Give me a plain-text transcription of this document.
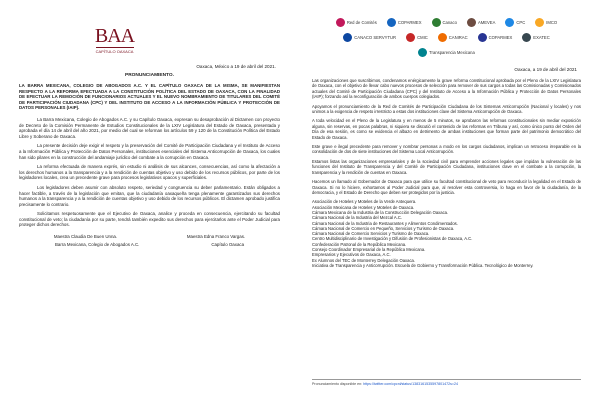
BAA
CAPÍTULO OAXACA
Oaxaca, México a 19 de abril del 2021.
PRONUNCIAMIENTO.

LA BARRA MEXICANA, COLEGIO DE ABOGADOS A.C. Y EL CAPÍTULO OAXACA DE LA MISMA, SE MANIFIESTAN RESPECTO A LA REFORMA EFECTUADA A LA CONSTITUCIÓN POLÍTICA DEL ESTADO DE OAXACA, CON LA FINALIDAD DE EFECTUAR LA REMOCIÓN DE FUNCIONARIOS ACTUALES Y EL NUEVO NOMBRAMIENTO DE TITULARES DEL COMITÉ DE PARTICIPACIÓN CIUDADANA (CPC) Y DEL INSTITUTO DE ACCESO A LA INFORMACIÓN PÚBLICA Y PROTECCIÓN DE DATOS PERSONALES (IAIP).

La Barra Mexicana, Colegio de Abogados A.C. y su Capítulo Oaxaca, expresan su desaprobación al Dictamen con proyecto de Decreto de la Comisión Permanente de Estudios Constitucionales de la LXIV Legislatura del Estado de Oaxaca, presentada y aprobada el día 14 de abril del año 2021, por medio del cual se reforman los artículos 59 y 120 de la Constitución Política del Estado Libre y Soberano de Oaxaca.

La presente decisión deje exigir el respeto y la preservación del Comité de Participación Ciudadana y el Instituto de Acceso a la Información Pública y Protección de Datos Personales, instituciones esenciales del Sistema Anticorrupción de Oaxaca, los cuales han sido pilares en la construcción del andamiaje jurídico del combate a la corrupción en Oaxaca.

La reforma efectuada de manera exprés, sin estudio ni análisis de sus alcances, consecuencias, así como la afectación a los derechos humanos a la transparencia y a la rendición de cuentas objetivo y uso debido de los recursos públicos, por parte de los legisladores locales, crea un precedente grave para procesos legislativos opacos y superficiales.

Los legisladores deben asumir con absoluto respeto, seriedad y congruencia su deber parlamentario. Están obligados a hacer factible, a través de la legislación que emitan, que la ciudadanía oaxaqueña tenga plenamente garantizados sus derechos humanos a la transparencia y a la rendición de cuentas objetivo y uso debido de los recursos públicos. El dictamen aprobado justifica precisamente lo contrario.

Solicitamos respetuosamente que el Ejecutivo de Oaxaca, analice y proceda en consecuencia, ejercitando su facultad constitucional de veto; la ciudadanía por su parte, tendrá también expedito sus derechos para ejercitarlos ante el Poder Judicial para proteger dichos derechos.

Maestra Claudia De Buen Unna.	Maestra Edna Franco Vargas.
Barra Mexicana, Colegio de Abogados A.C.	Capítulo Oaxaca
Red de Comités	COPARMEX	Canaco	AMEVEA	CPC	IMCO
CANACO SERVYTUR	CMIC	CANIRAC	COPARMEX	EXATEC
Transparencia Mexicana
Oaxaca, a 19 de abril del 2021

Las organizaciones que suscribimos, condenamos enérgicamente la grave reforma constitucional aprobada por el Pleno de la LXIV Legislatura de Oaxaca, con el objetivo de llevar cabo nuevos procesos de selección para remover de sus cargos a todas las Comisionadas y Comisionados actuales del Comité de Participación Ciudadana (CPC) y del Instituto de Acceso a la Información Pública y Protección de Datos Personales (IAIP); forzando así la reconfiguración de ambos cuerpos colegiados.

Apoyamos el pronunciamiento de la Red de Comités de Participación Ciudadana de los Sistemas Anticorrupción (Nacional y locales) y nos unimos a la exigencia de respeto irrestricto a estas dos instituciones clave del Sistema Anticorrupción de Oaxaca.

A toda velocidad en el Pleno de la Legislatura y en menos de 5 minutos, se aprobaron las reformas constitucionales sin mediar exposición alguna, sin reservas, en pocas palabras, ni siquiera se discutió el contenido de las reformas en Tribuna y así, como único punto del Orden del Día de esa sesión, es como se evidencia el albazo en detrimento de ambas instituciones que forman parte del patrimonio democrático del Estado de Oaxaca.

Este grave e ilegal precedente para remover y nombrar personas a modo en los cargos ciudadanos, implican un retroceso irreparable en la consolidación de dos de siete instituciones del Sistema Local Anticorrupción.

Estamos listas las organizaciones empresariales y de la sociedad civil para emprender acciones legales que impidan la vulneración de las funciones del Instituto de Transparencia y del Comité de Participación Ciudadana, instituciones clave en el combate a la corrupción, la transparencia y la rendición de cuentas en Oaxaca.

Hacemos un llamado al Gobernador de Oaxaca para que utilice su facultad constitucional de veto para reconducir la legalidad en el Estado de Oaxaca. Si no lo hiciere, exhortamos al Poder Judicial para que, al resolver esta controversia, lo haga en favor de la ciudadanía, de la democracia, y el Estado de Derecho que deben ser protegidos por la justicia.

Asociación de Hoteles y Moteles de la Verde Antequera.
Asociación Mexicana de Hoteles y Moteles de Oaxaca.
Cámara Mexicana de la Industria de la Construcción Delegación Oaxaca.
Cámara Nacional de la Industria del Mezcal A.C.
Cámara Nacional de la Industria de Restaurantes y Alimentos Condimentados.
Cámara Nacional de Comercio en Pequeño, Servicios y Turismo de Oaxaca.
Cámara Nacional de Comercio Servicios y Turismo de Oaxaca.
Centro Multidisciplinario de Investigación y Difusión de Profesionistas de Oaxaca, A.C.
Confederación Patronal de la República Mexicana.
Consejo Coordinador Empresarial de la República Mexicana.
Empresarios y Ejecutivos de Oaxaca, A.C.
Ex Alumnos del TEC de Monterrey Delegación Oaxaca.
Iniciativa de Transparencia y Anticorrupción. Escuela de Gobierno y Transformación Pública. Tecnológico de Monterrey.
Pronunciamiento disponible en: https://twitter.com/cpcnl/status/1383161535597801472s=24
